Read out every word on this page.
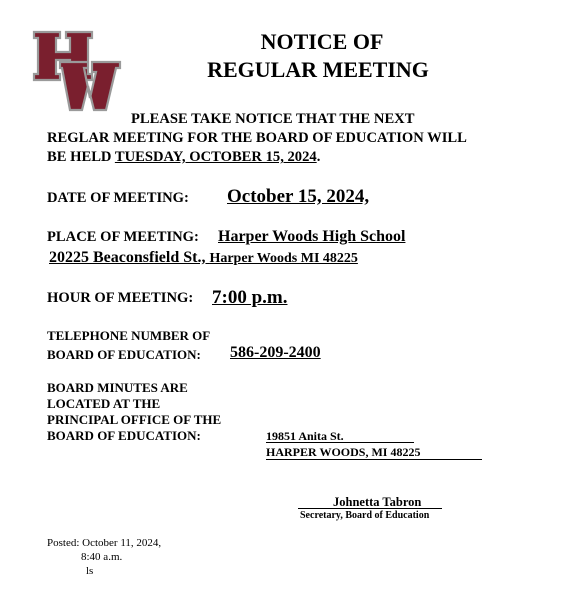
NOTICE OF
REGULAR MEETING
PLEASE TAKE NOTICE THAT THE NEXT
REGLAR MEETING FOR THE BOARD OF EDUCATION WILL
BE HELD TUESDAY, OCTOBER 15, 2024.
DATE OF MEETING: October 15, 2024,
PLACE OF MEETING: Harper Woods High School
20225 Beaconsfield St., Harper Woods MI 48225
HOUR OF MEETING: 7:00 p.m.
TELEPHONE NUMBER OF
BOARD OF EDUCATION: 586-209-2400
BOARD MINUTES ARE
LOCATED AT THE
PRINCIPAL OFFICE OF THE
BOARD OF EDUCATION:	19851 Anita St.
HARPER WOODS, MI 48225
Johnetta Tabron
Secretary, Board of Education
Posted: October 11, 2024,
8:40 a.m.
ls
